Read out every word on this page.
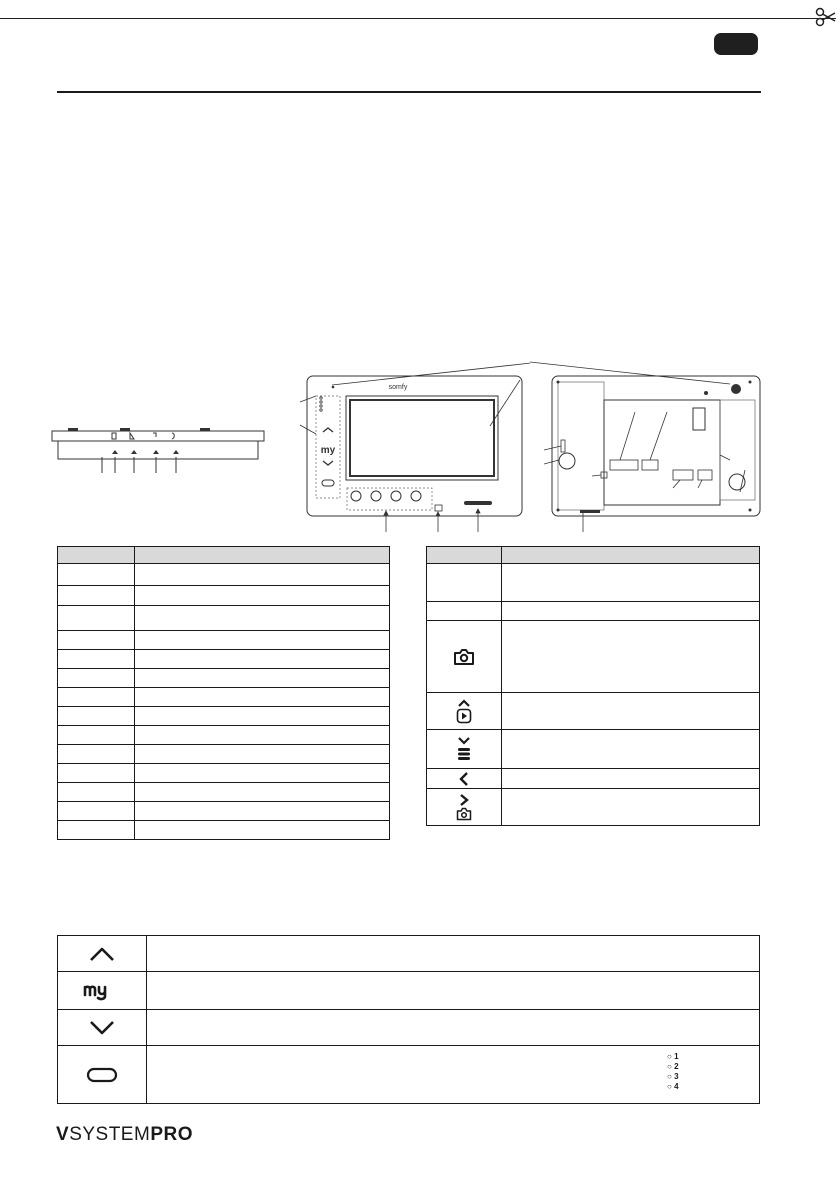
somfy
my

○ 1
○ 2
○ 3
○ 4
VSYSTEMPRO
